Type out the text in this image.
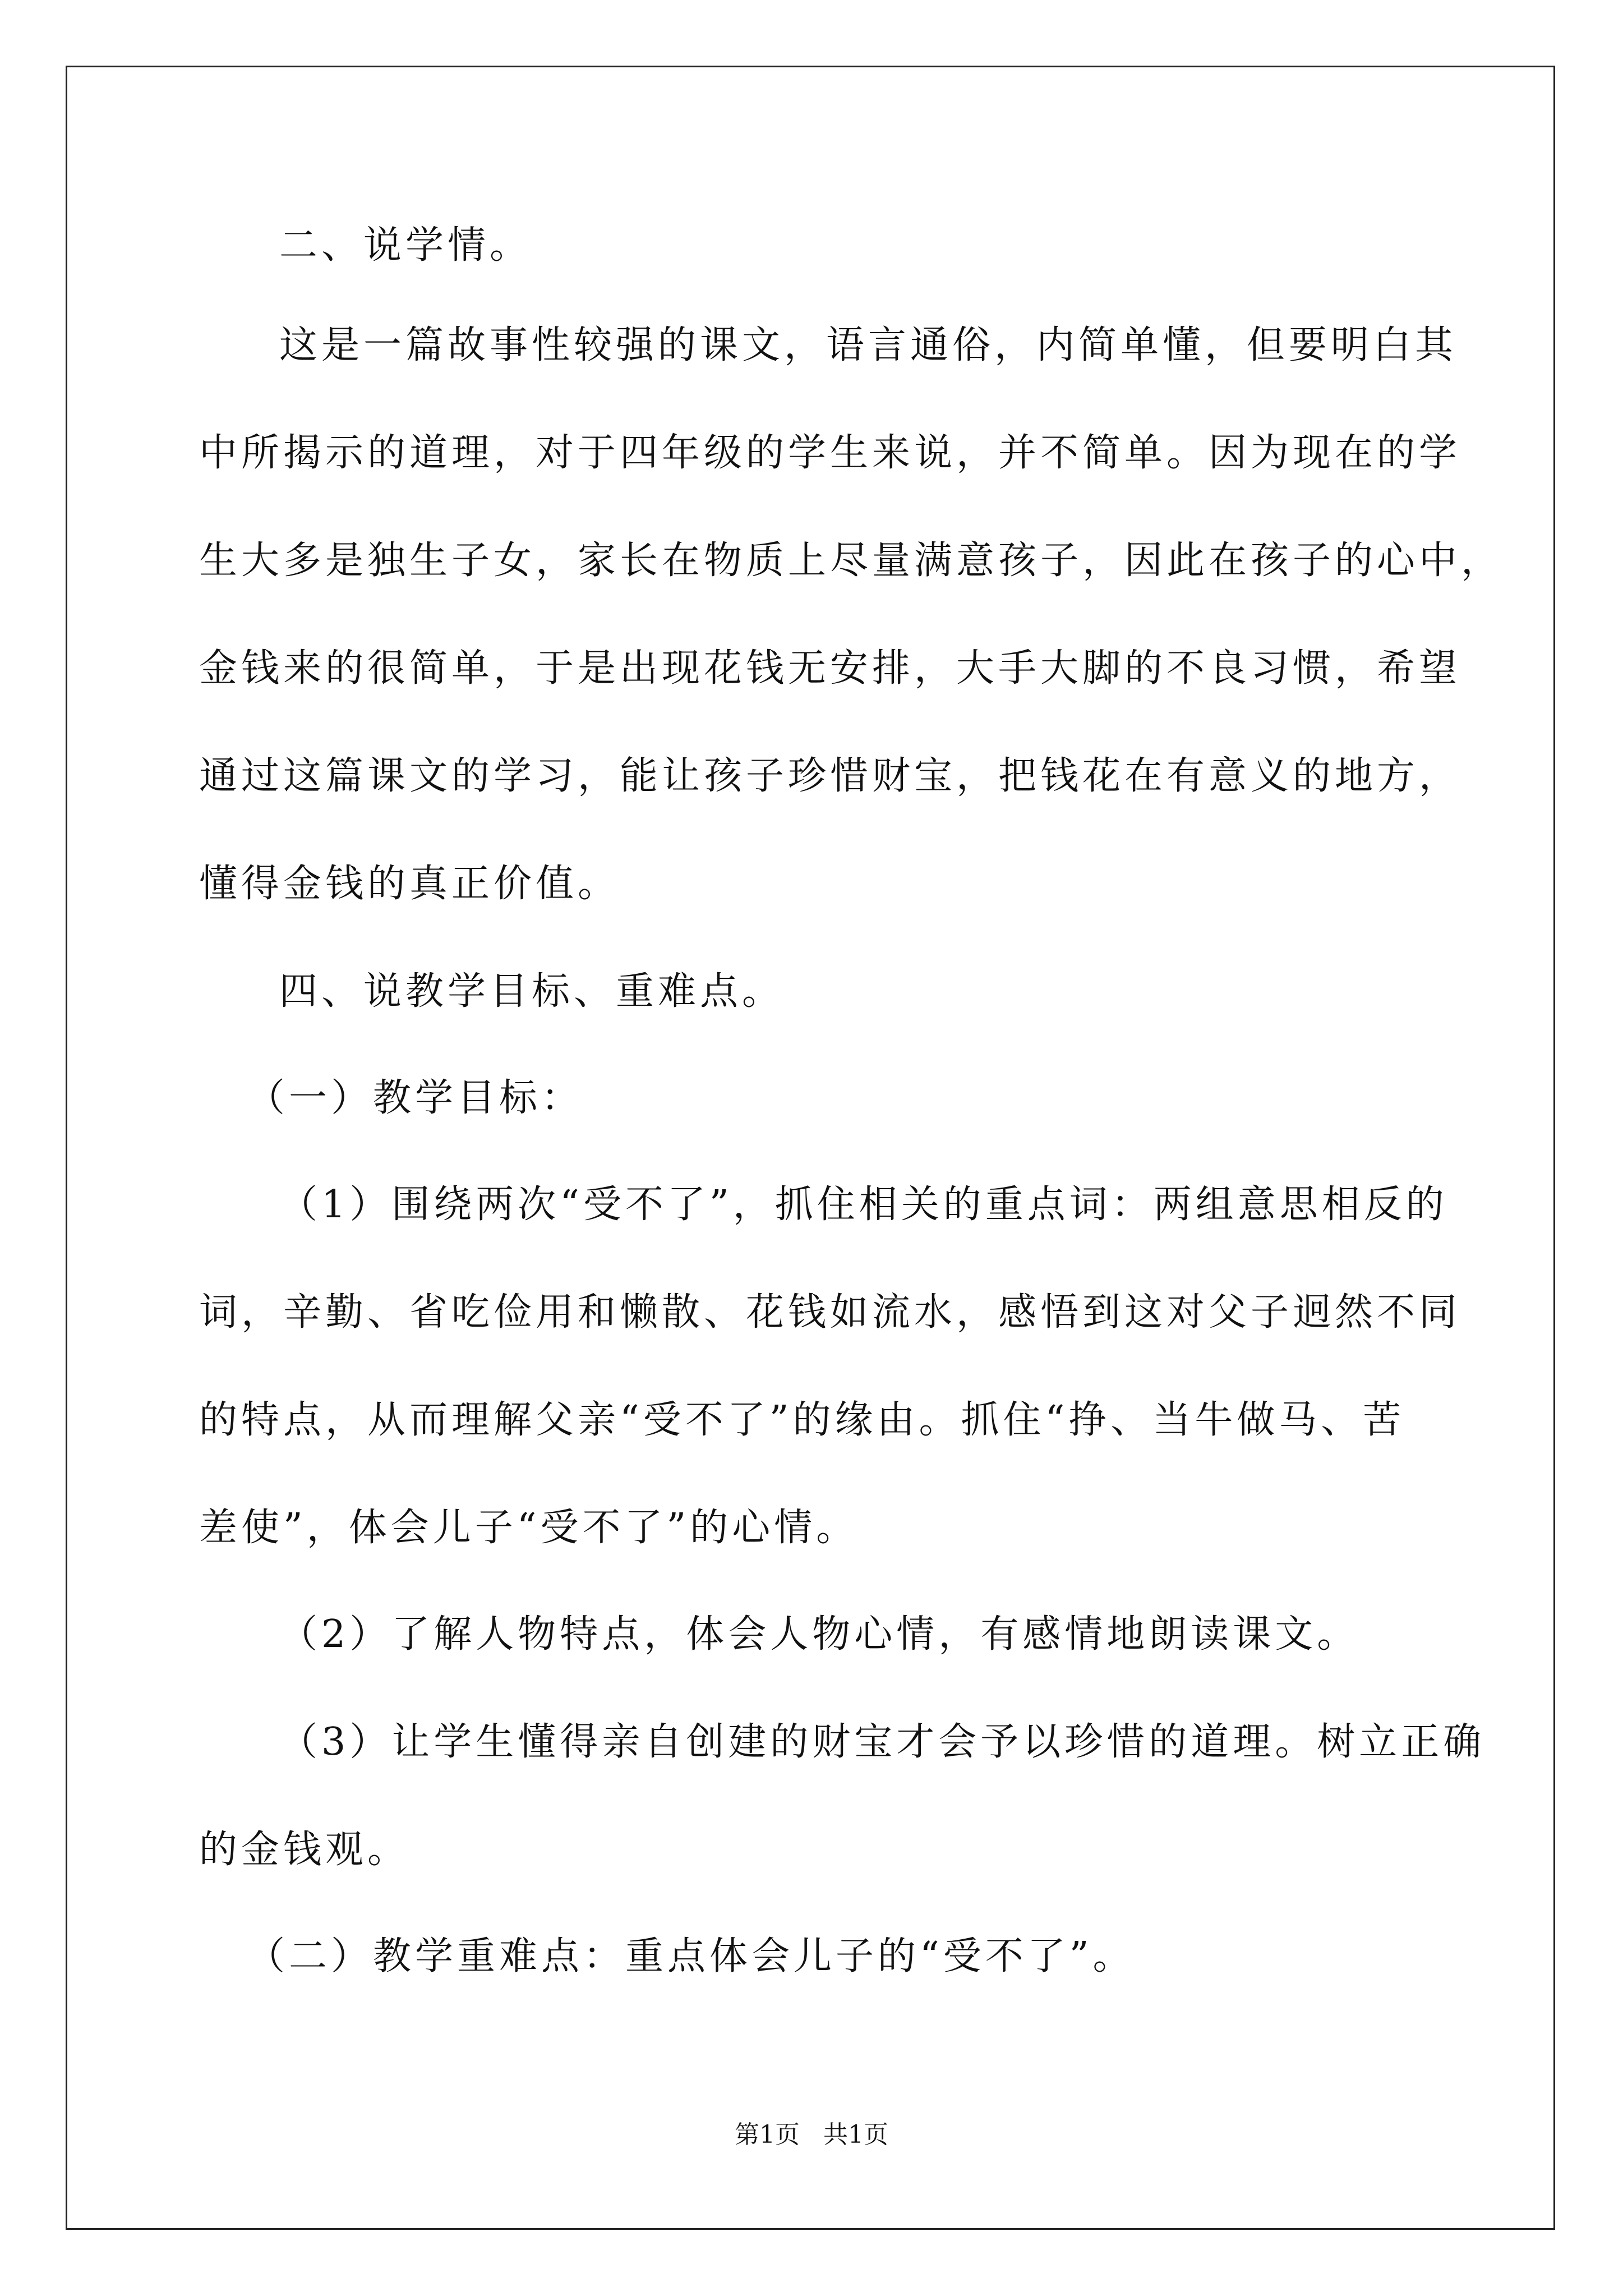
二、说学情。
这是一篇故事性较强的课文，语言通俗，内简单懂，但要明白其
中所揭示的道理，对于四年级的学生来说，并不简单。因为现在的学
生大多是独生子女，家长在物质上尽量满意孩子，因此在孩子的心中，
金钱来的很简单，于是出现花钱无安排，大手大脚的不良习惯，希望
通过这篇课文的学习，能让孩子珍惜财宝，把钱花在有意义的地方，
懂得金钱的真正价值。
四、说教学目标、重难点。
（一）教学目标：
（1）围绕两次“受不了”，抓住相关的重点词：两组意思相反的
词，辛勤、省吃俭用和懒散、花钱如流水，感悟到这对父子迥然不同
的特点，从而理解父亲“受不了”的缘由。抓住“挣、当牛做马、苦
差使”，体会儿子“受不了”的心情。
（2）了解人物特点，体会人物心情，有感情地朗读课文。
（3）让学生懂得亲自创建的财宝才会予以珍惜的道理。树立正确
的金钱观。
（二）教学重难点：重点体会儿子的“受不了”。
第1页   共1页
